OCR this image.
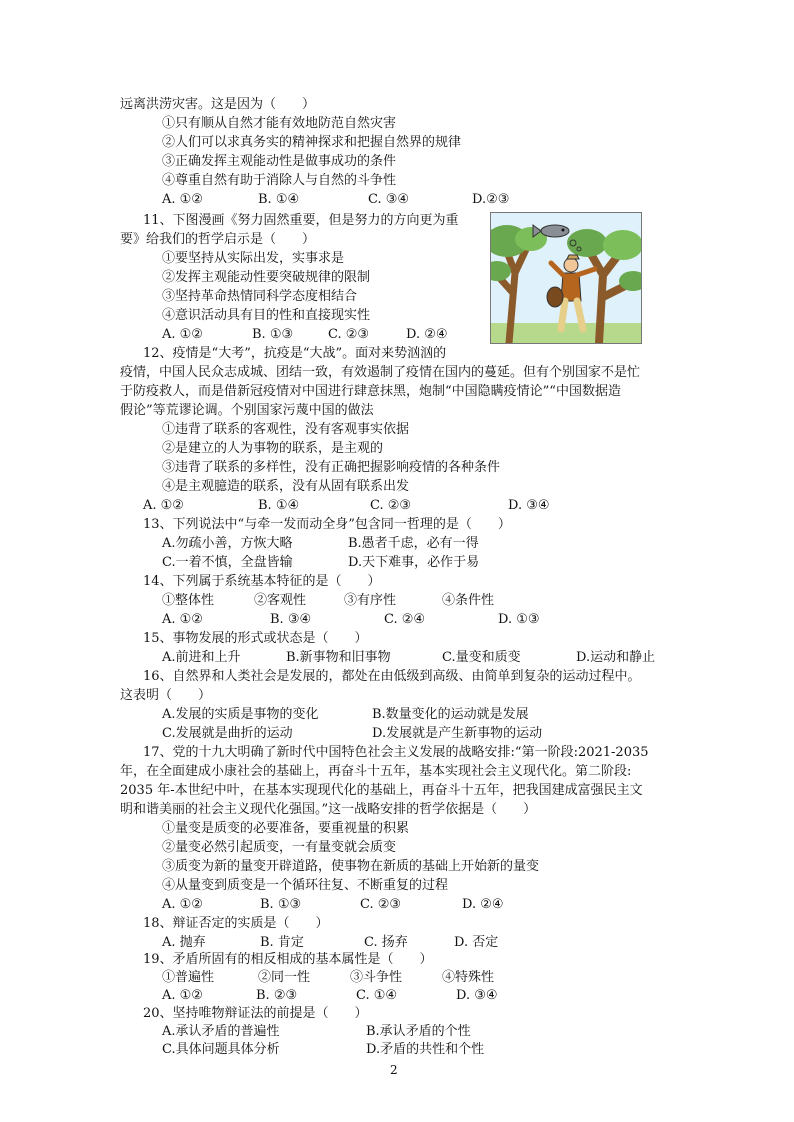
远离洪涝灾害。这是因为（　　）
①只有顺从自然才能有效地防范自然灾害
②人们可以求真务实的精神探求和把握自然界的规律
③正确发挥主观能动性是做事成功的条件
④尊重自然有助于消除人与自然的斗争性
A. ①②	B. ①④	C. ③④	D.②③
11、下图漫画《努力固然重要，但是努力的方向更为重
要》给我们的哲学启示是（　　）
①要坚持从实际出发，实事求是
②发挥主观能动性要突破规律的限制
③坚持革命热情同科学态度相结合
④意识活动具有目的性和直接现实性
A. ①②	B. ①③	C. ②③	D. ②④
12、疫情是“大考”，抗疫是“大战”。面对来势汹汹的
疫情，中国人民众志成城、团结一致，有效遏制了疫情在国内的蔓延。但有个别国家不是忙
于防疫救人，而是借新冠疫情对中国进行肆意抹黑，炮制“中国隐瞒疫情论”“中国数据造
假论”等荒谬论调。个别国家污蔑中国的做法
①违背了联系的客观性，没有客观事实依据
②是建立的人为事物的联系，是主观的
③违背了联系的多样性，没有正确把握影响疫情的各种条件
④是主观臆造的联系，没有从固有联系出发
A. ①②	B. ①④	C. ②③	D. ③④
13、下列说法中“与牵一发而动全身”包含同一哲理的是（　　）
A.勿疏小善，方恢大略	B.愚者千虑，必有一得
C.一着不慎，全盘皆输	D.天下难事，必作于易
14、下列属于系统基本特征的是（　　）
①整体性	②客观性	③有序性	④条件性
A. ①②	B. ③④	C. ②④	D. ①③
15、事物发展的形式或状态是（　　）
A.前进和上升	B.新事物和旧事物	C.量变和质变	D.运动和静止
16、自然界和人类社会是发展的，都处在由低级到高级、由简单到复杂的运动过程中。
这表明（　　）
A.发展的实质是事物的变化	B.数量变化的运动就是发展
C.发展就是曲折的运动	D.发展就是产生新事物的运动
17、党的十九大明确了新时代中国特色社会主义发展的战略安排:“第一阶段:2021-2035
年，在全面建成小康社会的基础上，再奋斗十五年，基本实现社会主义现代化。第二阶段:
2035 年-本世纪中叶，在基本实现现代化的基础上，再奋斗十五年，把我国建成富强民主文
明和谐美丽的社会主义现代化强国。”这一战略安排的哲学依据是（　　）
①量变是质变的必要准备，要重视量的积累
②量变必然引起质变，一有量变就会质变
③质变为新的量变开辟道路，使事物在新质的基础上开始新的量变
④从量变到质变是一个循环往复、不断重复的过程
A. ①②	B. ①③	C. ②③	D. ②④
18、辩证否定的实质是（　　）
A. 抛弃	B. 肯定	C. 扬弃	D. 否定
19、矛盾所固有的相反相成的基本属性是（　　）
①普遍性	②同一性	③斗争性	④特殊性
A. ①②	B. ②③	C. ①④	D. ③④
2
20、坚持唯物辩证法的前提是（　　）
A.承认矛盾的普遍性	B.承认矛盾的个性
C.具体问题具体分析	D.矛盾的共性和个性
